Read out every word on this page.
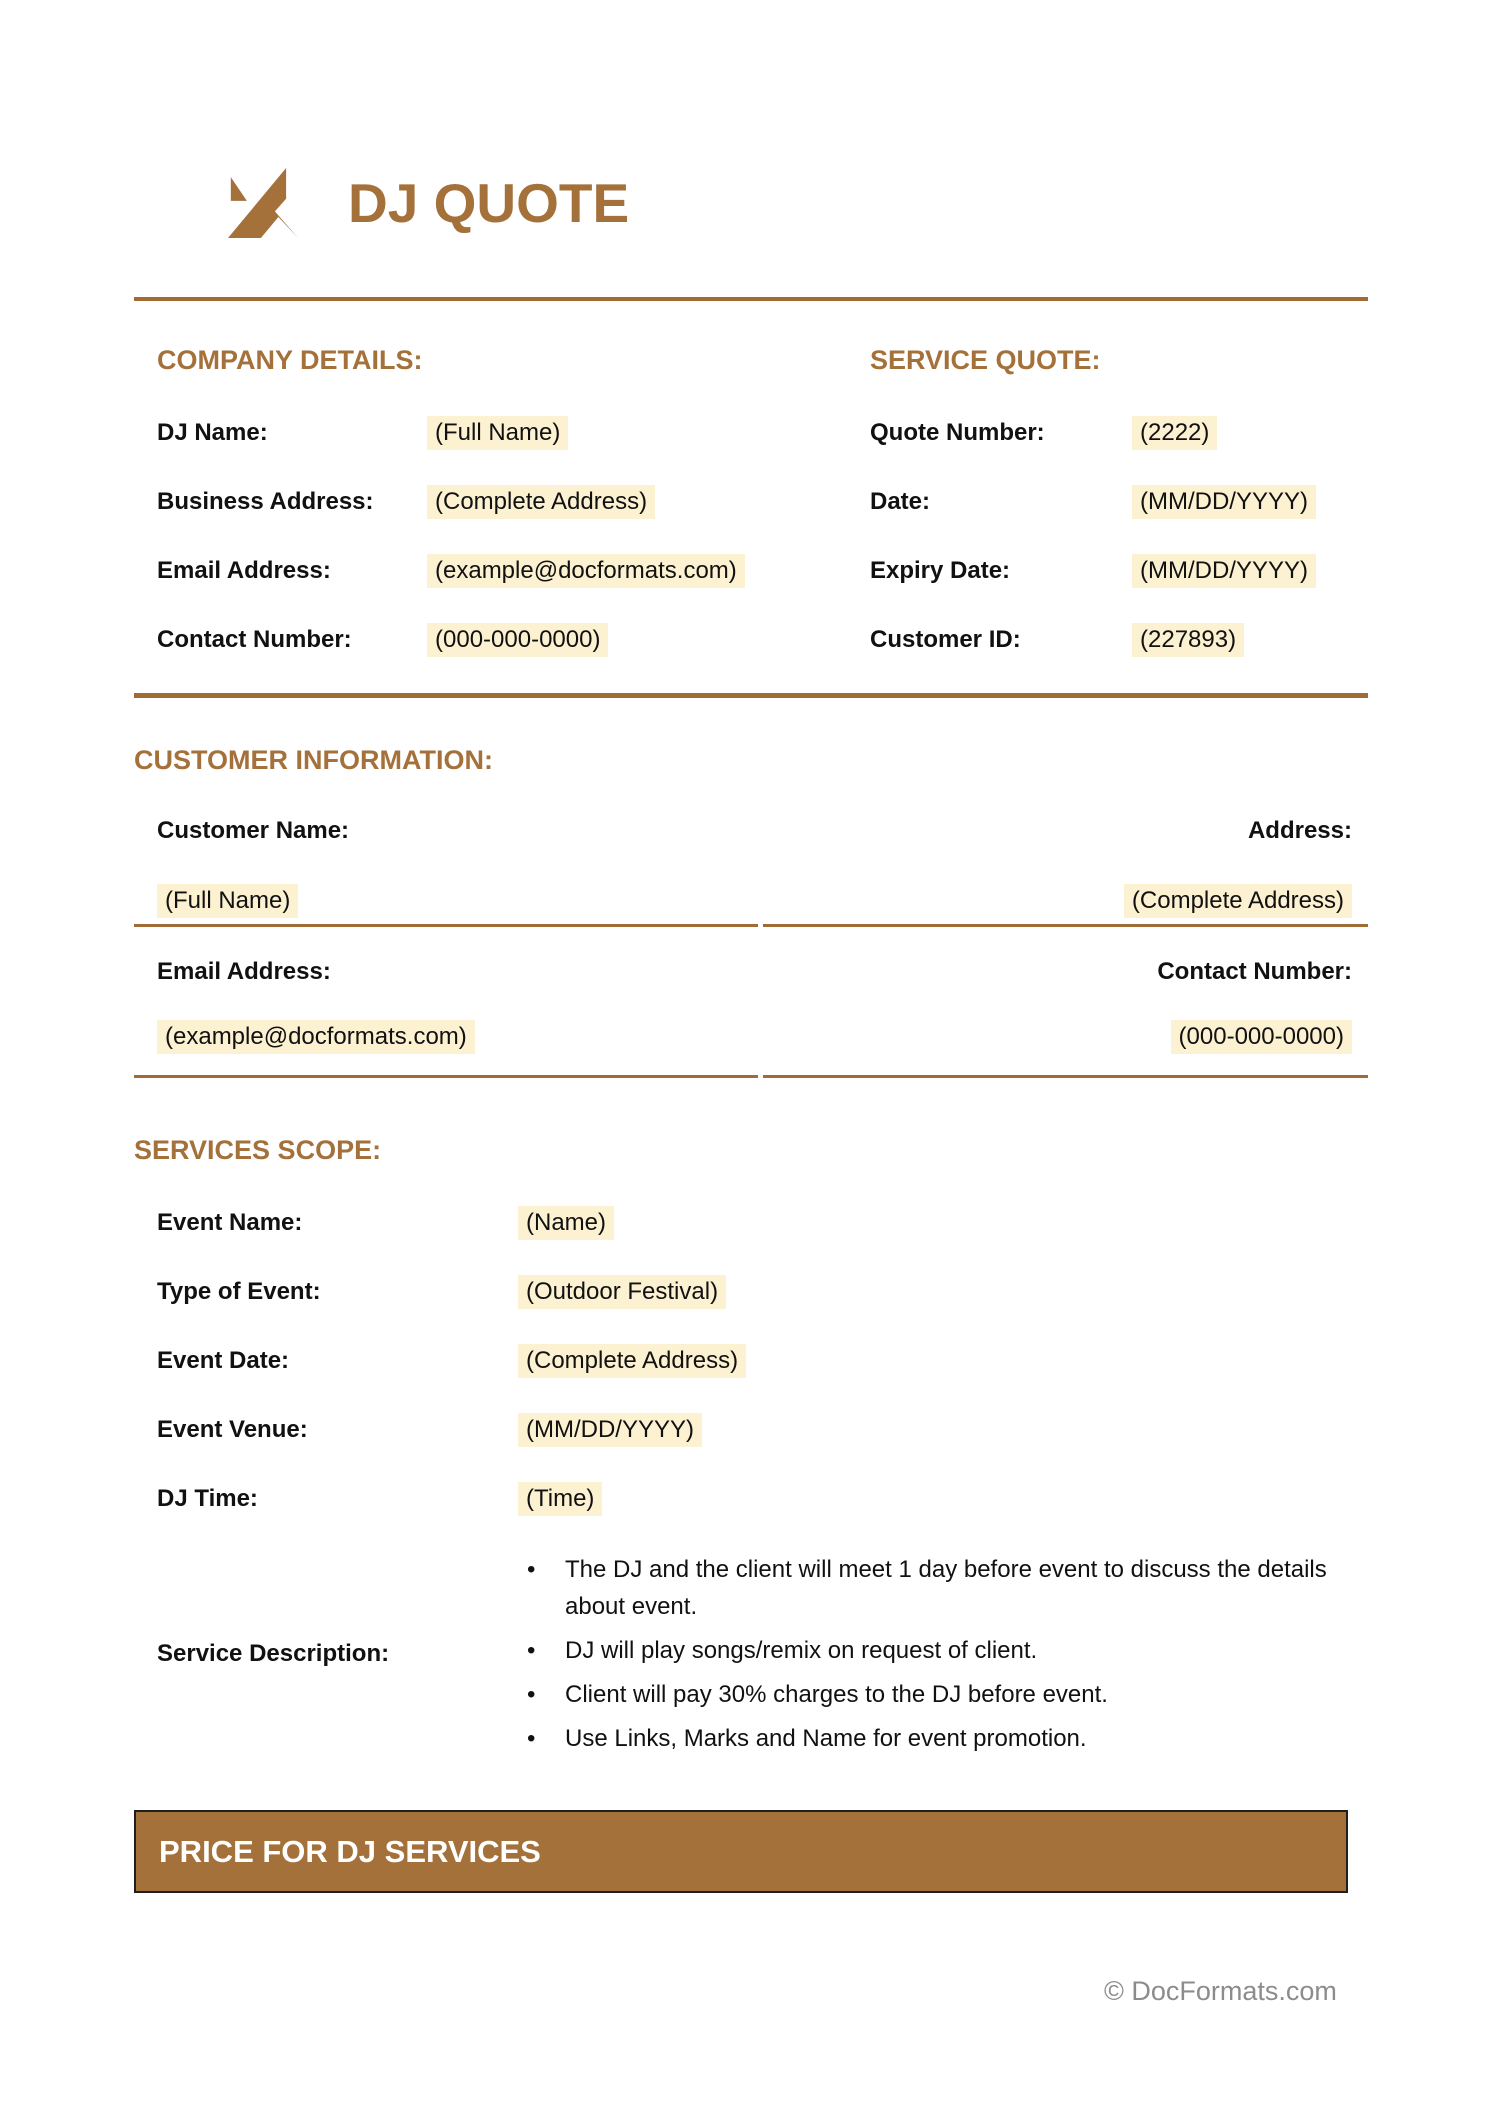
DJ QUOTE
COMPANY DETAILS:
DJ Name:	(Full Name)
Business Address:	(Complete Address)
Email Address:	(example@docformats.com)
Contact Number:	(000-000-0000)
SERVICE QUOTE:
Quote Number:	(2222)
Date:	(MM/DD/YYYY)
Expiry Date:	(MM/DD/YYYY)
Customer ID:	(227893)
CUSTOMER INFORMATION:
Customer Name:	Address:
(Full Name)	(Complete Address)
Email Address:	Contact Number:
(example@docformats.com)	(000-000-0000)
SERVICES SCOPE:
Event Name:	(Name)
Type of Event:	(Outdoor Festival)
Event Date:	(Complete Address)
Event Venue:	(MM/DD/YYYY)
DJ Time:	(Time)
Service Description:
• The DJ and the client will meet 1 day before event to discuss the details about event.
• DJ will play songs/remix on request of client.
• Client will pay 30% charges to the DJ before event.
• Use Links, Marks and Name for event promotion.
PRICE FOR DJ SERVICES
© DocFormats.com
